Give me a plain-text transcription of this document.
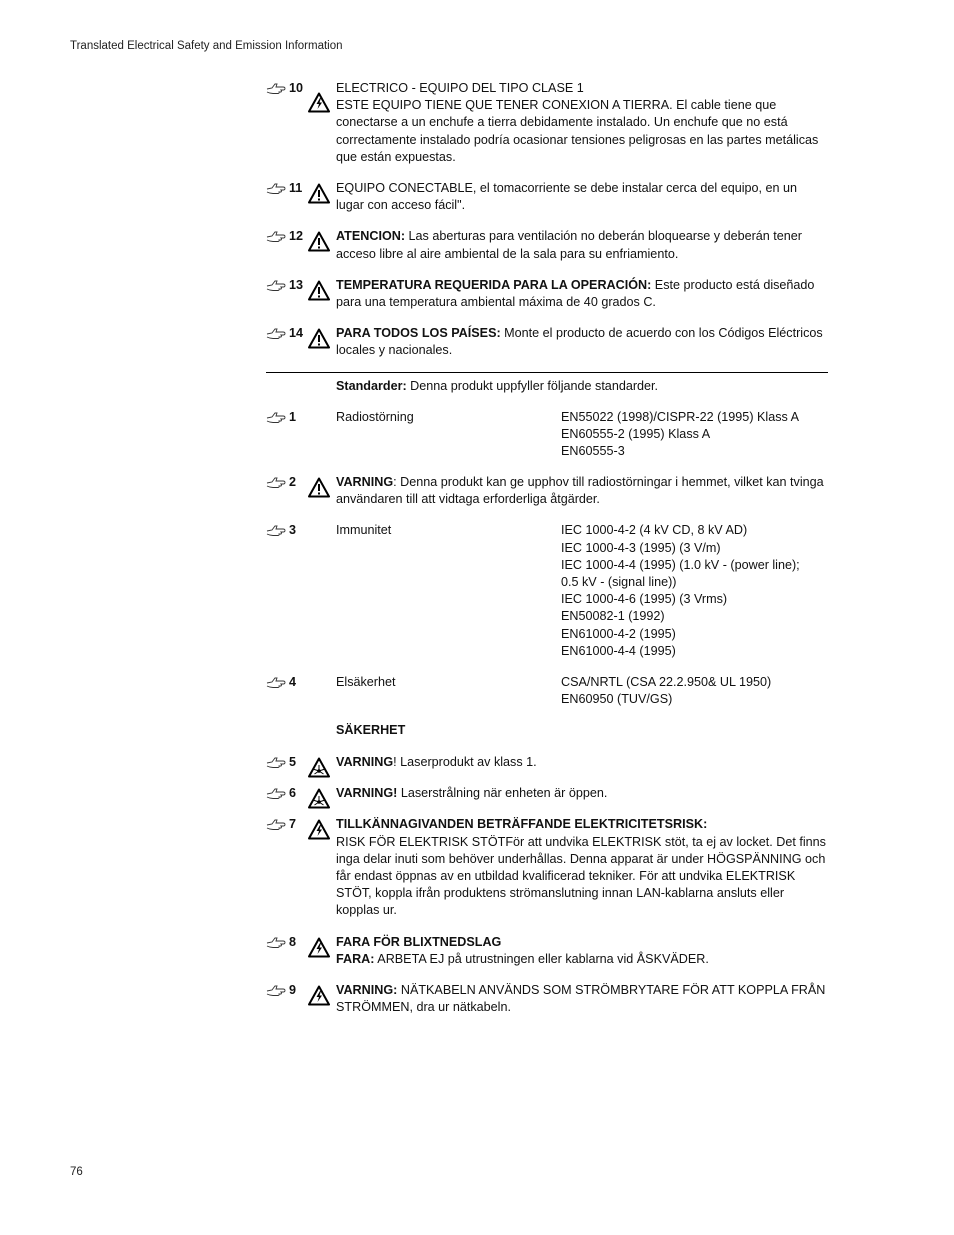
Translated Electrical Safety and Emission Information
10	ELECTRICO - EQUIPO DEL TIPO CLASE 1
ESTE EQUIPO TIENE QUE TENER CONEXION A TIERRA. El cable tiene que conectarse a un enchufe a tierra debidamente instalado. Un enchufe que no está correctamente instalado podría ocasionar tensiones peligrosas en las partes metálicas que están expuestas.
11	EQUIPO CONECTABLE, el tomacorriente se debe instalar cerca del equipo, en un lugar con acceso fácil".
12	ATENCION: Las aberturas para ventilación no deberán bloquearse y deberán tener acceso libre al aire ambiental de la sala para su enfriamiento.
13	TEMPERATURA REQUERIDA PARA LA OPERACIÓN: Este producto está diseñado para una temperatura ambiental máxima de 40 grados C.
14	PARA TODOS LOS PAÍSES: Monte el producto de acuerdo con los Códigos Eléctricos locales y nacionales.
Standarder: Denna produkt uppfyller följande standarder.
1	Radiostörning	EN55022 (1998)/CISPR-22 (1995) Klass A
EN60555-2 (1995) Klass A
EN60555-3
2	VARNING: Denna produkt kan ge upphov till radiostörningar i hemmet, vilket kan tvinga användaren till att vidtaga erforderliga åtgärder.
3	Immunitet	IEC 1000-4-2 (4 kV CD, 8 kV AD)
IEC 1000-4-3 (1995) (3 V/m)
IEC 1000-4-4 (1995) (1.0 kV - (power line);
0.5 kV - (signal line))
IEC 1000-4-6 (1995) (3 Vrms)
EN50082-1 (1992)
EN61000-4-2 (1995)
EN61000-4-4 (1995)
4	Elsäkerhet	CSA/NRTL (CSA 22.2.950& UL 1950)
EN60950 (TUV/GS)
SÄKERHET
5	VARNING! Laserprodukt av klass 1.
6	VARNING! Laserstrålning när enheten är öppen.
7	TILLKÄNNAGIVANDEN BETRÄFFANDE ELEKTRICITETSRISK:
RISK FÖR ELEKTRISK STÖTFör att undvika ELEKTRISK stöt, ta ej av locket. Det finns inga delar inuti som behöver underhållas. Denna apparat är under HÖGSPÄNNING och får endast öppnas av en utbildad kvalificerad tekniker. För att undvika ELEKTRISK STÖT, koppla ifrån produktens strömanslutning innan LAN-kablarna ansluts eller kopplas ur.
8	FARA FÖR BLIXTNEDSLAG
FARA: ARBETA EJ på utrustningen eller kablarna vid ÅSKVÄDER.
9	VARNING: NÄTKABELN ANVÄNDS SOM STRÖMBRYTARE FÖR ATT KOPPLA FRÅN STRÖMMEN, dra ur nätkabeln.
76
